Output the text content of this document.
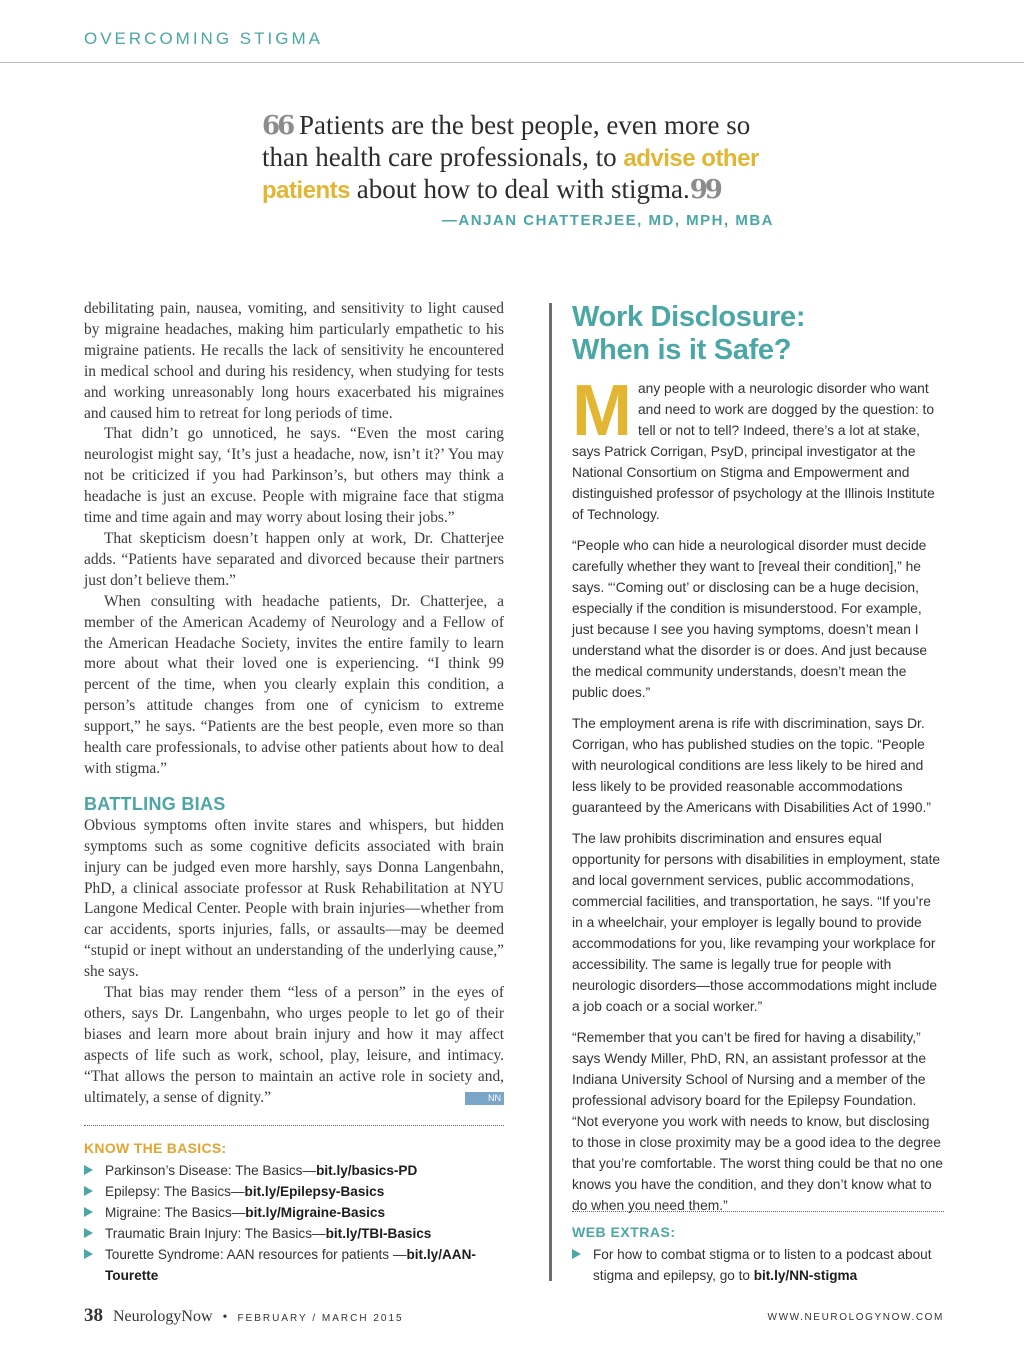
OVERCOMING STIGMA
66 Patients are the best people, even more so than health care professionals, to advise other patients about how to deal with stigma.99
—ANJAN CHATTERJEE, MD, MPH, MBA

debilitating pain, nausea, vomiting, and sensitivity to light caused by migraine headaches, making him particularly empathetic to his migraine patients. He recalls the lack of sensitivity he encountered in medical school and during his residency, when studying for tests and working unreasonably long hours exacerbated his migraines and caused him to retreat for long periods of time.

That didn’t go unnoticed, he says. “Even the most caring neurologist might say, ‘It’s just a headache, now, isn’t it?’ You may not be criticized if you had Parkinson’s, but others may think a headache is just an excuse. People with migraine face that stigma time and time again and may worry about losing their jobs.”

That skepticism doesn’t happen only at work, Dr. Chatterjee adds. “Patients have separated and divorced because their partners just don’t believe them.”

When consulting with headache patients, Dr. Chatterjee, a member of the American Academy of Neurology and a Fellow of the American Headache Society, invites the entire family to learn more about what their loved one is experiencing. “I think 99 percent of the time, when you clearly explain this condition, a person’s attitude changes from one of cynicism to extreme support,” he says. “Patients are the best people, even more so than health care professionals, to advise other patients about how to deal with stigma.”

BATTLING BIAS

Obvious symptoms often invite stares and whispers, but hidden symptoms such as some cognitive deficits associated with brain injury can be judged even more harshly, says Donna Langenbahn, PhD, a clinical associate professor at Rusk Rehabilitation at NYU Langone Medical Center. People with brain injuries—whether from car accidents, sports injuries, falls, or assaults—may be deemed “stupid or inept without an understanding of the underlying cause,” she says.

That bias may render them “less of a person” in the eyes of others, says Dr. Langenbahn, who urges people to let go of their biases and learn more about brain injury and how it may affect aspects of life such as work, school, play, leisure, and intimacy. “That allows the person to maintain an active role in society and, ultimately, a sense of dignity.”	NN

KNOW THE BASICS:
Parkinson’s Disease: The Basics—bit.ly/basics-PD
Epilepsy: The Basics—bit.ly/Epilepsy-Basics
Migraine: The Basics—bit.ly/Migraine-Basics
Traumatic Brain Injury: The Basics—bit.ly/TBI-Basics
Tourette Syndrome: AAN resources for patients —bit.ly/AAN-Tourette
Work Disclosure:
When is it Safe?

Many people with a neurologic disorder who want and need to work are dogged by the question: to tell or not to tell? Indeed, there’s a lot at stake, says Patrick Corrigan, PsyD, principal investigator at the National Consortium on Stigma and Empowerment and distinguished professor of psychology at the Illinois Institute of Technology.

“People who can hide a neurological disorder must decide carefully whether they want to [reveal their condition],” he says. “‘Coming out’ or disclosing can be a huge decision, especially if the condition is misunderstood. For example, just because I see you having symptoms, doesn’t mean I understand what the disorder is or does. And just because the medical community understands, doesn’t mean the public does.”

The employment arena is rife with discrimination, says Dr. Corrigan, who has published studies on the topic. “People with neurological conditions are less likely to be hired and less likely to be provided reasonable accommodations guaranteed by the Americans with Disabilities Act of 1990.”

The law prohibits discrimination and ensures equal opportunity for persons with disabilities in employment, state and local government services, public accommodations, commercial facilities, and transportation, he says. “If you’re in a wheelchair, your employer is legally bound to provide accommodations for you, like revamping your workplace for accessibility. The same is legally true for people with neurologic disorders—those accommodations might include a job coach or a social worker.”

“Remember that you can’t be fired for having a disability,” says Wendy Miller, PhD, RN, an assistant professor at the Indiana University School of Nursing and a member of the professional advisory board for the Epilepsy Foundation. “Not everyone you work with needs to know, but disclosing to those in close proximity may be a good idea to the degree that you’re comfortable. The worst thing could be that no one knows you have the condition, and they don’t know what to do when you need them.”

WEB EXTRAS:
For how to combat stigma or to listen to a podcast about stigma and epilepsy, go to bit.ly/NN-stigma
38 NeurologyNow • FEBRUARY / MARCH 2015	WWW.NEUROLOGYNOW.COM
